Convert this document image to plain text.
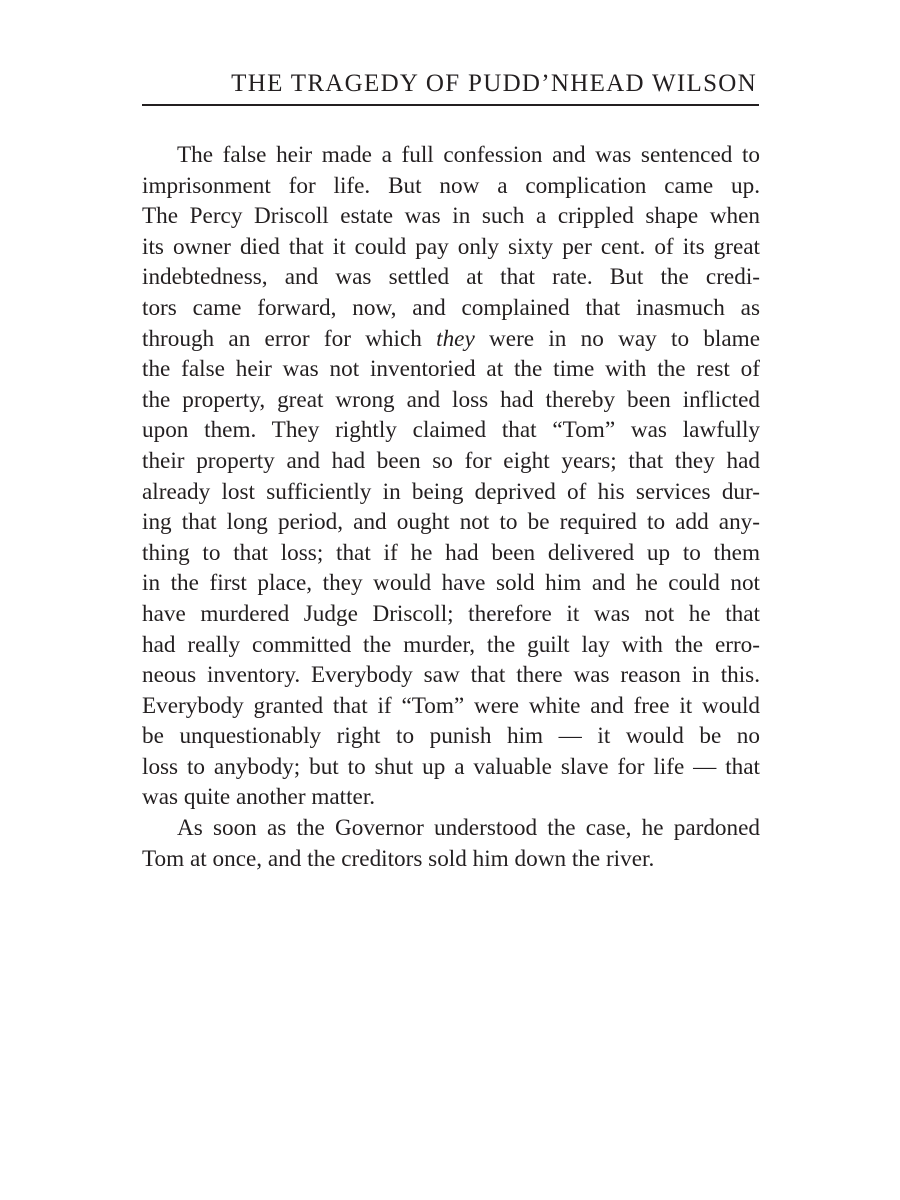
THE TRAGEDY OF PUDD’NHEAD WILSON
The false heir made a full confession and was sentenced to
imprisonment for life. But now a complication came up.
The Percy Driscoll estate was in such a crippled shape when
its owner died that it could pay only sixty per cent. of its great
indebtedness, and was settled at that rate. But the credi-
tors came forward, now, and complained that inasmuch as
through an error for which they were in no way to blame
the false heir was not inventoried at the time with the rest of
the property, great wrong and loss had thereby been inflicted
upon them. They rightly claimed that “Tom” was lawfully
their property and had been so for eight years; that they had
already lost sufficiently in being deprived of his services dur-
ing that long period, and ought not to be required to add any-
thing to that loss; that if he had been delivered up to them
in the first place, they would have sold him and he could not
have murdered Judge Driscoll; therefore it was not he that
had really committed the murder, the guilt lay with the erro-
neous inventory. Everybody saw that there was reason in this.
Everybody granted that if “Tom” were white and free it would
be unquestionably right to punish him — it would be no
loss to anybody; but to shut up a valuable slave for life — that
was quite another matter.
As soon as the Governor understood the case, he pardoned
Tom at once, and the creditors sold him down the river.
